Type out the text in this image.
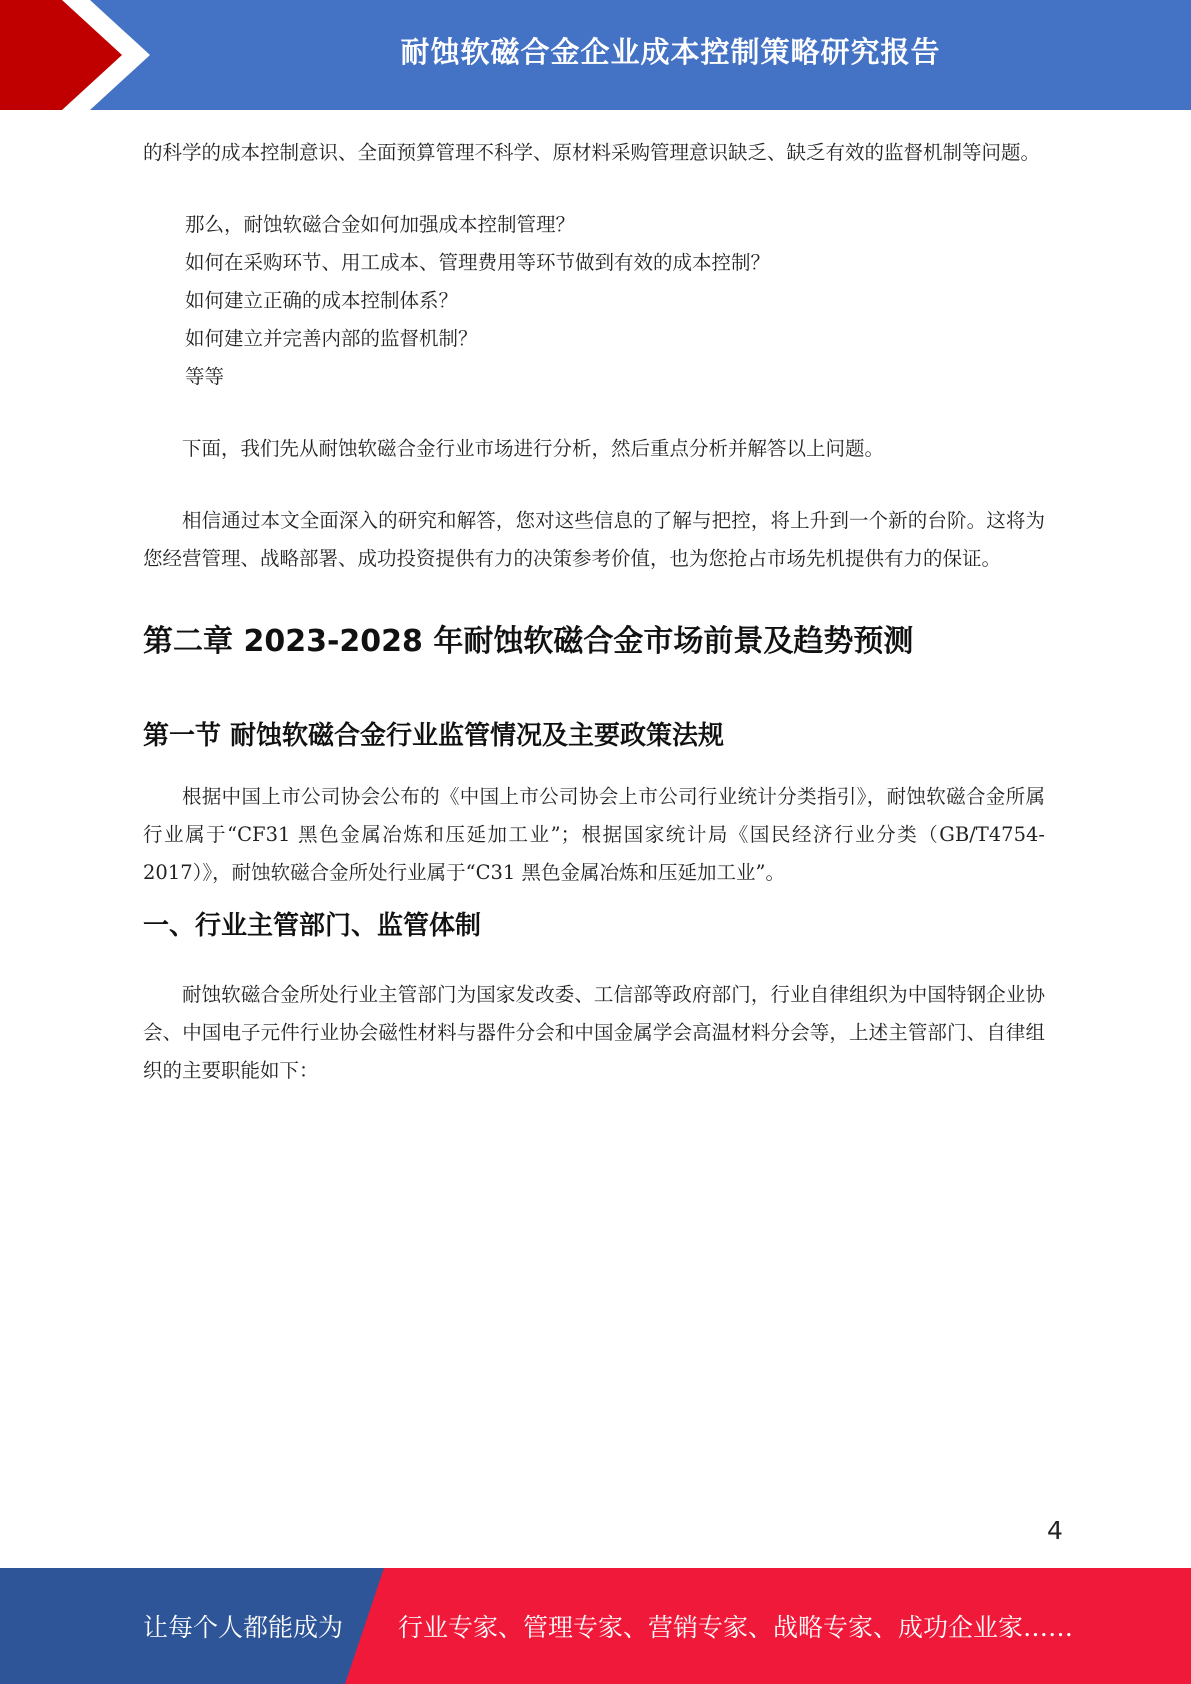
耐蚀软磁合金企业成本控制策略研究报告

的科学的成本控制意识、全面预算管理不科学、原材料采购管理意识缺乏、缺乏有效的监督机制等问题。

那么，耐蚀软磁合金如何加强成本控制管理？

如何在采购环节、用工成本、管理费用等环节做到有效的成本控制？

如何建立正确的成本控制体系？

如何建立并完善内部的监督机制？

等等

下面，我们先从耐蚀软磁合金行业市场进行分析，然后重点分析并解答以上问题。

相信通过本文全面深入的研究和解答，您对这些信息的了解与把控，将上升到一个新的台阶。这将为您经营管理、战略部署、成功投资提供有力的决策参考价值，也为您抢占市场先机提供有力的保证。

第二章 2023-2028 年耐蚀软磁合金市场前景及趋势预测
第一节 耐蚀软磁合金行业监管情况及主要政策法规

根据中国上市公司协会公布的《中国上市公司协会上市公司行业统计分类指引》，耐蚀软磁合金所属行业属于“CF31 黑色金属冶炼和压延加工业”；根据国家统计局《国民经济行业分类（GB/T4754-2017）》，耐蚀软磁合金所处行业属于“C31 黑色金属冶炼和压延加工业”。

一、行业主管部门、监管体制

耐蚀软磁合金所处行业主管部门为国家发改委、工信部等政府部门，行业自律组织为中国特钢企业协会、中国电子元件行业协会磁性材料与器件分会和中国金属学会高温材料分会等，上述主管部门、自律组织的主要职能如下：

4
让每个人都能成为 行业专家、管理专家、营销专家、战略专家、成功企业家……
